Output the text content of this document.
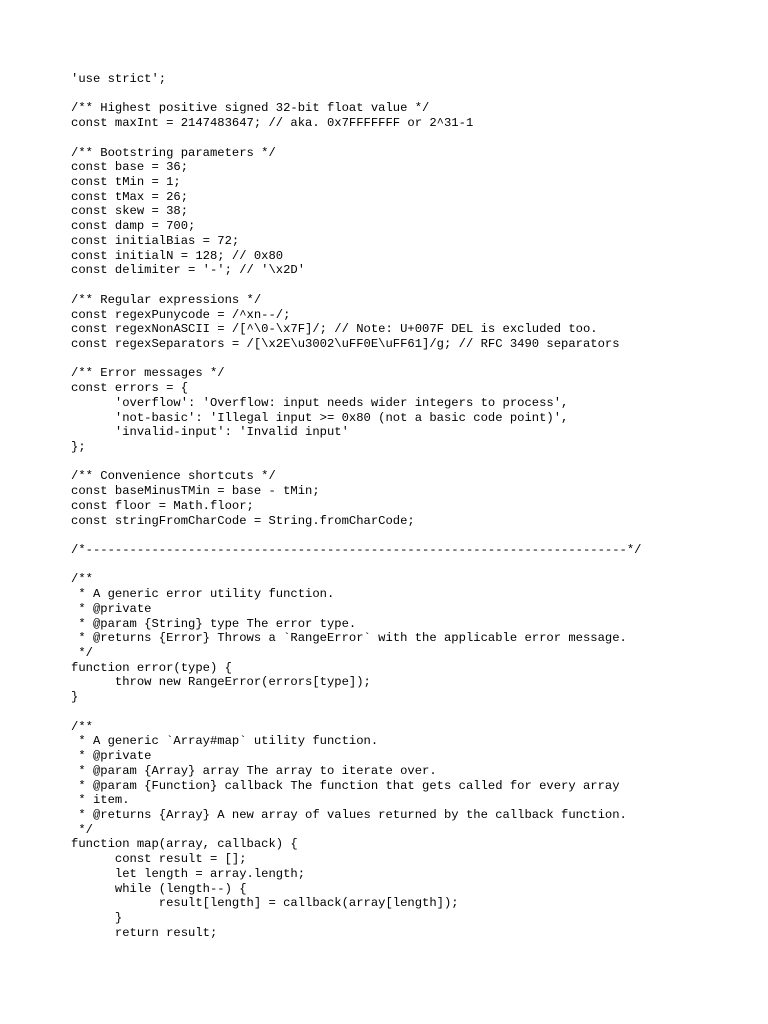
'use strict';
/** Highest positive signed 32-bit float value */
const maxInt = 2147483647; // aka. 0x7FFFFFFF or 2^31-1
/** Bootstring parameters */
const base = 36;
const tMin = 1;
const tMax = 26;
const skew = 38;
const damp = 700;
const initialBias = 72;
const initialN = 128; // 0x80
const delimiter = '-'; // '\x2D'
/** Regular expressions */
const regexPunycode = /^xn--/;
const regexNonASCII = /[^\0-\x7F]/; // Note: U+007F DEL is excluded too.
const regexSeparators = /[\x2E\u3002\uFF0E\uFF61]/g; // RFC 3490 separators
/** Error messages */
const errors = {
'overflow': 'Overflow: input needs wider integers to process',
'not-basic': 'Illegal input >= 0x80 (not a basic code point)',
'invalid-input': 'Invalid input'
};
/** Convenience shortcuts */
const baseMinusTMin = base - tMin;
const floor = Math.floor;
const stringFromCharCode = String.fromCharCode;
/*--------------------------------------------------------------------------*/
/**
* A generic error utility function.
* @private
* @param {String} type The error type.
* @returns {Error} Throws a `RangeError` with the applicable error message.
*/
function error(type) {
throw new RangeError(errors[type]);
}
/**
* A generic `Array#map` utility function.
* @private
* @param {Array} array The array to iterate over.
* @param {Function} callback The function that gets called for every array
* item.
* @returns {Array} A new array of values returned by the callback function.
*/
function map(array, callback) {
const result = [];
let length = array.length;
while (length--) {
result[length] = callback(array[length]);
}
return result;
